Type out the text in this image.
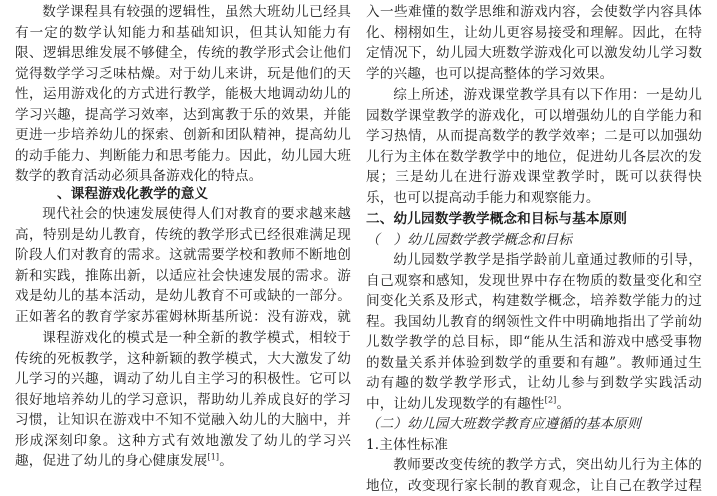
数学课程具有较强的逻辑性，虽然大班幼儿已经具有一定的数学认知能力和基础知识，但其认知能力有限、逻辑思维发展不够健全，传统的教学形式会让他们觉得数学学习乏味枯燥。对于幼儿来讲，玩是他们的天性，运用游戏化的方式进行教学，能极大地调动幼儿的学习兴趣，提高学习效率，达到寓教于乐的效果，并能更进一步培养幼儿的探索、创新和团队精神，提高幼儿的动手能力、判断能力和思考能力。因此，幼儿园大班数学的教育活动必须具备游戏化的特点。
、课程游戏化教学的意义
现代社会的快速发展使得人们对教育的要求越来越高，特别是幼儿教育，传统的教学形式已经很难满足现阶段人们对教育的需求。这就需要学校和教师不断地创新和实践，推陈出新，以适应社会快速发展的需求。游戏是幼儿的基本活动，是幼儿教育不可或缺的一部分。正如著名的教育学家苏霍姆林斯基所说：没有游戏，就
课程游戏化的模式是一种全新的教学模式，相较于传统的死板教学，这种新颖的教学模式，大大激发了幼儿学习的兴趣，调动了幼儿自主学习的积极性。它可以很好地培养幼儿的学习意识，帮助幼儿养成良好的学习习惯，让知识在游戏中不知不觉融入幼儿的大脑中，并形成深刻印象。这种方式有效地激发了幼儿的学习兴趣，促进了幼儿的身心健康发展[1]。
入一些难懂的数学思维和游戏内容，会使数学内容具体化、栩栩如生，让幼儿更容易接受和理解。因此，在特定情况下，幼儿园大班数学游戏化可以激发幼儿学习数学的兴趣，也可以提高整体的学习效果。
综上所述，游戏课堂教学具有以下作用：一是幼儿园数学课堂教学的游戏化，可以增强幼儿的自学能力和学习热情，从而提高数学的教学效率；二是可以加强幼儿行为主体在数学教学中的地位，促进幼儿各层次的发展；三是幼儿在进行游戏课堂教学时，既可以获得快乐，也可以提高动手能力和观察能力。
二、幼儿园数学教学概念和目标与基本原则
（　）幼儿园数学教学概念和目标
幼儿园数学教学是指学龄前儿童通过教师的引导，自己观察和感知，发现世界中存在物质的数量变化和空间变化关系及形式，构建数学概念，培养数学能力的过程。我国幼儿教育的纲领性文件中明确地指出了学前幼儿数学教学的总目标，即“能从生活和游戏中感受事物的数量关系并体验到数学的重要和有趣”。教师通过生动有趣的数学教学形式，让幼儿参与到数学实践活动中，让幼儿发现数学的有趣性[2]。
（二）幼儿园大班数学教育应遵循的基本原则
1.主体性标准
教师要改变传统的教学方式，突出幼儿行为主体的地位，改变现行家长制的教育观念，让自己在教学过程
